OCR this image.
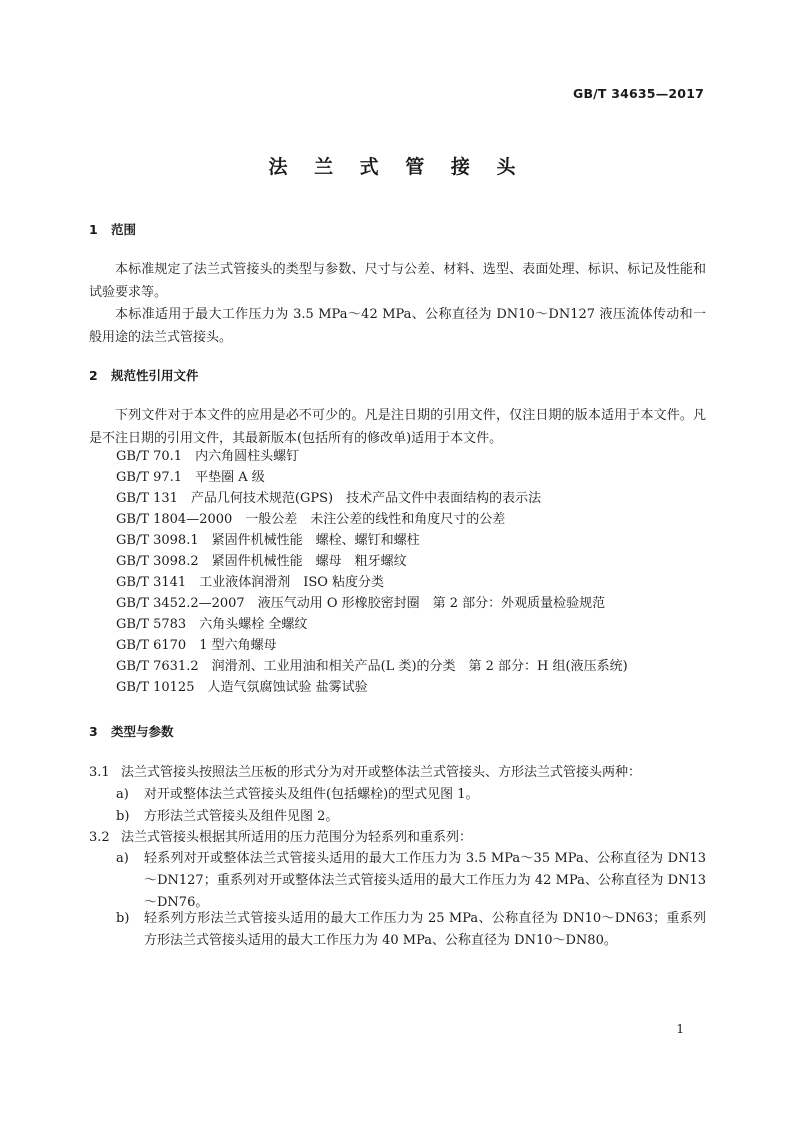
GB/T 34635—2017
法 兰 式 管 接 头
1 范围
本标准规定了法兰式管接头的类型与参数、尺寸与公差、材料、选型、表面处理、标识、标记及性能和试验要求等。
本标准适用于最大工作压力为 3.5 MPa～42 MPa、公称直径为 DN10～DN127 液压流体传动和一般用途的法兰式管接头。
2 规范性引用文件
下列文件对于本文件的应用是必不可少的。凡是注日期的引用文件，仅注日期的版本适用于本文件。凡是不注日期的引用文件，其最新版本(包括所有的修改单)适用于本文件。
GB/T 70.1　内六角圆柱头螺钉
GB/T 97.1　平垫圈 A 级
GB/T 131　产品几何技术规范(GPS)　技术产品文件中表面结构的表示法
GB/T 1804—2000　一般公差　未注公差的线性和角度尺寸的公差
GB/T 3098.1　紧固件机械性能　螺栓、螺钉和螺柱
GB/T 3098.2　紧固件机械性能　螺母　粗牙螺纹
GB/T 3141　工业液体润滑剂　ISO 粘度分类
GB/T 3452.2—2007　液压气动用 O 形橡胶密封圈　第 2 部分：外观质量检验规范
GB/T 5783　六角头螺栓 全螺纹
GB/T 6170　1 型六角螺母
GB/T 7631.2　润滑剂、工业用油和相关产品(L 类)的分类　第 2 部分：H 组(液压系统)
GB/T 10125　人造气氛腐蚀试验 盐雾试验
3 类型与参数
3.1 法兰式管接头按照法兰压板的形式分为对开或整体法兰式管接头、方形法兰式管接头两种：
a) 对开或整体法兰式管接头及组件(包括螺栓)的型式见图 1。
b) 方形法兰式管接头及组件见图 2。
3.2 法兰式管接头根据其所适用的压力范围分为轻系列和重系列：
a) 轻系列对开或整体法兰式管接头适用的最大工作压力为 3.5 MPa～35 MPa、公称直径为 DN13～DN127；重系列对开或整体法兰式管接头适用的最大工作压力为 42 MPa、公称直径为 DN13～DN76。
b) 轻系列方形法兰式管接头适用的最大工作压力为 25 MPa、公称直径为 DN10～DN63；重系列方形法兰式管接头适用的最大工作压力为 40 MPa、公称直径为 DN10～DN80。
1
